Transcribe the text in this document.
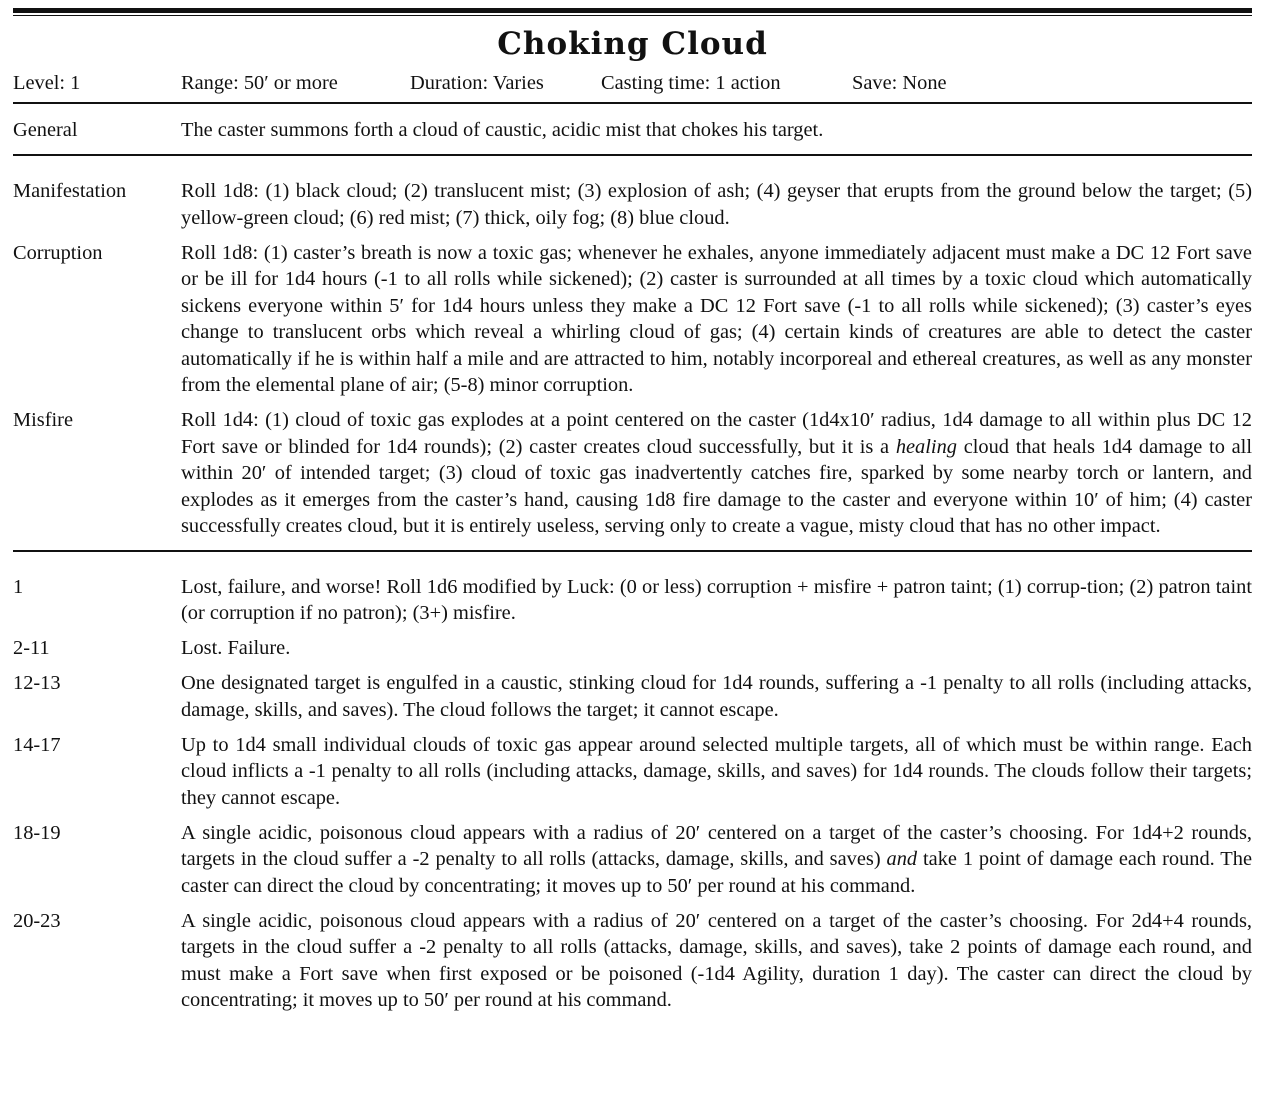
Choking Cloud
Level: 1	Range: 50′ or more	Duration: Varies	Casting time: 1 action	Save: None
General	The caster summons forth a cloud of caustic, acidic mist that chokes his target.
Manifestation	Roll 1d8: (1) black cloud; (2) translucent mist; (3) explosion of ash; (4) geyser that erupts from the ground below the target; (5) yellow-green cloud; (6) red mist; (7) thick, oily fog; (8) blue cloud.
Corruption	Roll 1d8: (1) caster’s breath is now a toxic gas; whenever he exhales, anyone immediately adjacent must make a DC 12 Fort save or be ill for 1d4 hours (-1 to all rolls while sickened); (2) caster is surrounded at all times by a toxic cloud which automatically sickens everyone within 5′ for 1d4 hours unless they make a DC 12 Fort save (-1 to all rolls while sickened); (3) caster’s eyes change to translucent orbs which reveal a whirling cloud of gas; (4) certain kinds of creatures are able to detect the caster automatically if he is within half a mile and are attracted to him, notably incorporeal and ethereal creatures, as well as any monster from the elemental plane of air; (5-8) minor corruption.
Misfire	Roll 1d4: (1) cloud of toxic gas explodes at a point centered on the caster (1d4x10′ radius, 1d4 damage to all within plus DC 12 Fort save or blinded for 1d4 rounds); (2) caster creates cloud successfully, but it is a healing cloud that heals 1d4 damage to all within 20′ of intended target; (3) cloud of toxic gas inadvertently catches fire, sparked by some nearby torch or lantern, and explodes as it emerges from the caster’s hand, causing 1d8 fire damage to the caster and everyone within 10′ of him; (4) caster successfully creates cloud, but it is entirely useless, serving only to create a vague, misty cloud that has no other impact.
1	Lost, failure, and worse! Roll 1d6 modified by Luck: (0 or less) corruption + misfire + patron taint; (1) corrup-tion; (2) patron taint (or corruption if no patron); (3+) misfire.
2-11	Lost. Failure.
12-13	One designated target is engulfed in a caustic, stinking cloud for 1d4 rounds, suffering a -1 penalty to all rolls (including attacks, damage, skills, and saves). The cloud follows the target; it cannot escape.
14-17	Up to 1d4 small individual clouds of toxic gas appear around selected multiple targets, all of which must be within range. Each cloud inflicts a -1 penalty to all rolls (including attacks, damage, skills, and saves) for 1d4 rounds. The clouds follow their targets; they cannot escape.
18-19	A single acidic, poisonous cloud appears with a radius of 20′ centered on a target of the caster’s choosing. For 1d4+2 rounds, targets in the cloud suffer a -2 penalty to all rolls (attacks, damage, skills, and saves) and take 1 point of damage each round. The caster can direct the cloud by concentrating; it moves up to 50′ per round at his command.
20-23	A single acidic, poisonous cloud appears with a radius of 20′ centered on a target of the caster’s choosing. For 2d4+4 rounds, targets in the cloud suffer a -2 penalty to all rolls (attacks, damage, skills, and saves), take 2 points of damage each round, and must make a Fort save when first exposed or be poisoned (-1d4 Agility, duration 1 day). The caster can direct the cloud by concentrating; it moves up to 50′ per round at his command.
